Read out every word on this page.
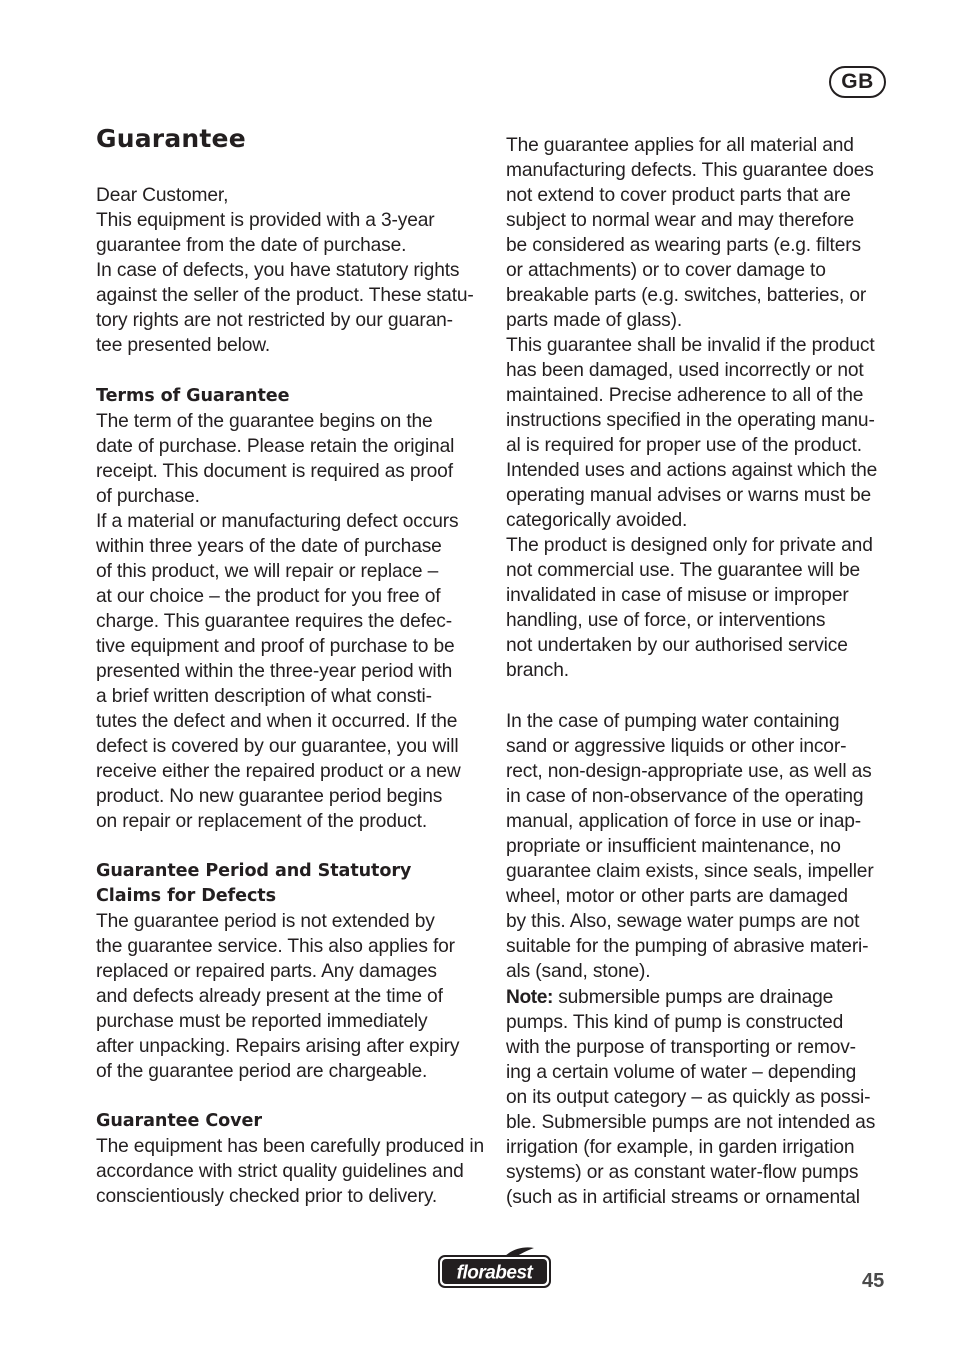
GB
Guarantee
Dear Customer,
This equipment is provided with a 3-year
guarantee from the date of purchase.
In case of defects, you have statutory rights
against the seller of the product. These statu-
tory rights are not restricted by our guaran-
tee presented below.
Terms of Guarantee
The term of the guarantee begins on the
date of purchase. Please retain the original
receipt. This document is required as proof
of purchase.
If a material or manufacturing defect occurs
within three years of the date of purchase
of this product, we will repair or replace –
at our choice – the product for you free of
charge. This guarantee requires the defec-
tive equipment and proof of purchase to be
presented within the three-year period with
a brief written description of what consti-
tutes the defect and when it occurred. If the
defect is covered by our guarantee, you will
receive either the repaired product or a new
product. No new guarantee period begins
on repair or replacement of the product.
Guarantee Period and Statutory
Claims for Defects
The guarantee period is not extended by
the guarantee service. This also applies for
replaced or repaired parts. Any damages
and defects already present at the time of
purchase must be reported immediately
after unpacking. Repairs arising after expiry
of the guarantee period are chargeable.
Guarantee Cover
The equipment has been carefully produced in
accordance with strict quality guidelines and
conscientiously checked prior to delivery.
The guarantee applies for all material and
manufacturing defects. This guarantee does
not extend to cover product parts that are
subject to normal wear and may therefore
be considered as wearing parts (e.g. filters
or attachments) or to cover damage to
breakable parts (e.g. switches, batteries, or
parts made of glass).
This guarantee shall be invalid if the product
has been damaged, used incorrectly or not
maintained. Precise adherence to all of the
instructions specified in the operating manu-
al is required for proper use of the product.
Intended uses and actions against which the
operating manual advises or warns must be
categorically avoided.
The product is designed only for private and
not commercial use. The guarantee will be
invalidated in case of misuse or improper
handling, use of force, or interventions
not undertaken by our authorised service
branch.
In the case of pumping water containing
sand or aggressive liquids or other incor-
rect, non-design-appropriate use, as well as
in case of non-observance of the operating
manual, application of force in use or inap-
propriate or insufficient maintenance, no
guarantee claim exists, since seals, impeller
wheel, motor or other parts are damaged
by this. Also, sewage water pumps are not
suitable for the pumping of abrasive materi-
als (sand, stone).
Note: submersible pumps are drainage
pumps. This kind of pump is constructed
with the purpose of transporting or remov-
ing a certain volume of water – depending
on its output category – as quickly as possi-
ble. Submersible pumps are not intended as
irrigation (for example, in garden irrigation
systems) or as constant water-flow pumps
(such as in artificial streams or ornamental
florabest	45
